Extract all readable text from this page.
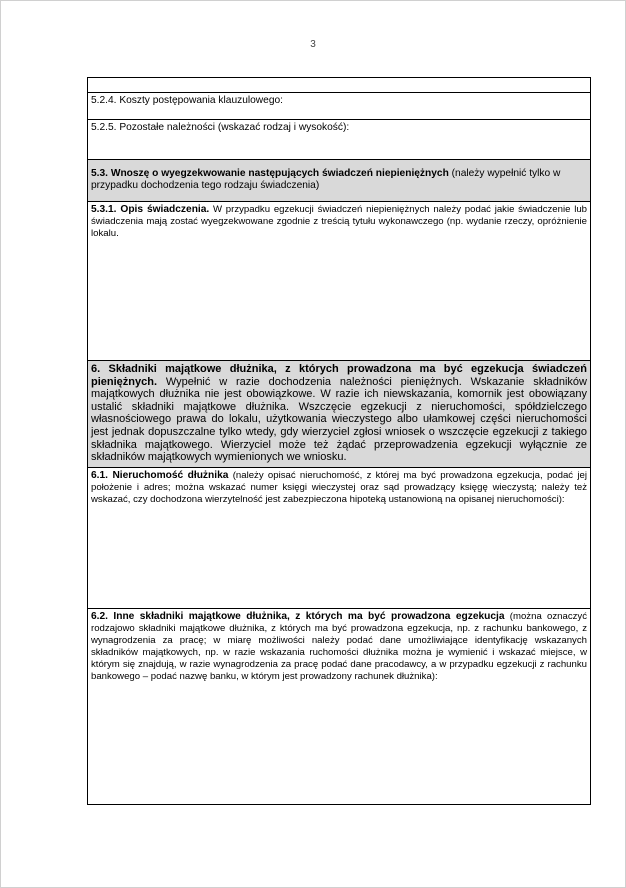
3
5.2.4. Koszty postępowania klauzulowego:
5.2.5. Pozostałe należności (wskazać rodzaj i wysokość):
5.3. Wnoszę o wyegzekwowanie następujących świadczeń niepieniężnych (należy wypełnić tylko w przypadku dochodzenia tego rodzaju świadczenia)
5.3.1. Opis świadczenia. W przypadku egzekucji świadczeń niepieniężnych należy podać jakie świadczenie lub świadczenia mają zostać wyegzekwowane zgodnie z treścią tytułu wykonawczego (np. wydanie rzeczy, opróżnienie lokalu.
6. Składniki majątkowe dłużnika, z których prowadzona ma być egzekucja świadczeń pieniężnych. Wypełnić w razie dochodzenia należności pieniężnych. Wskazanie składników majątkowych dłużnika nie jest obowiązkowe. W razie ich niewskazania, komornik jest obowiązany ustalić składniki majątkowe dłużnika. Wszczęcie egzekucji z nieruchomości, spółdzielczego własnościowego prawa do lokalu, użytkowania wieczystego albo ułamkowej części nieruchomości jest jednak dopuszczalne tylko wtedy, gdy wierzyciel zgłosi wniosek o wszczęcie egzekucji z takiego składnika majątkowego. Wierzyciel może też żądać przeprowadzenia egzekucji wyłącznie ze składników majątkowych wymienionych we wniosku.
6.1. Nieruchomość dłużnika (należy opisać nieruchomość, z której ma być prowadzona egzekucja, podać jej położenie i adres; można wskazać numer księgi wieczystej oraz sąd prowadzący księgę wieczystą; należy też wskazać, czy dochodzona wierzytelność jest zabezpieczona hipoteką ustanowioną na opisanej nieruchomości):
6.2. Inne składniki majątkowe dłużnika, z których ma być prowadzona egzekucja (można oznaczyć rodzajowo składniki majątkowe dłużnika, z których ma być prowadzona egzekucja, np. z rachunku bankowego, z wynagrodzenia za pracę; w miarę możliwości należy podać dane umożliwiające identyfikację wskazanych składników majątkowych, np. w razie wskazania ruchomości dłużnika można je wymienić i wskazać miejsce, w którym się znajdują, w razie wynagrodzenia za pracę podać dane pracodawcy, a w przypadku egzekucji z rachunku bankowego – podać nazwę banku, w którym jest prowadzony rachunek dłużnika):
